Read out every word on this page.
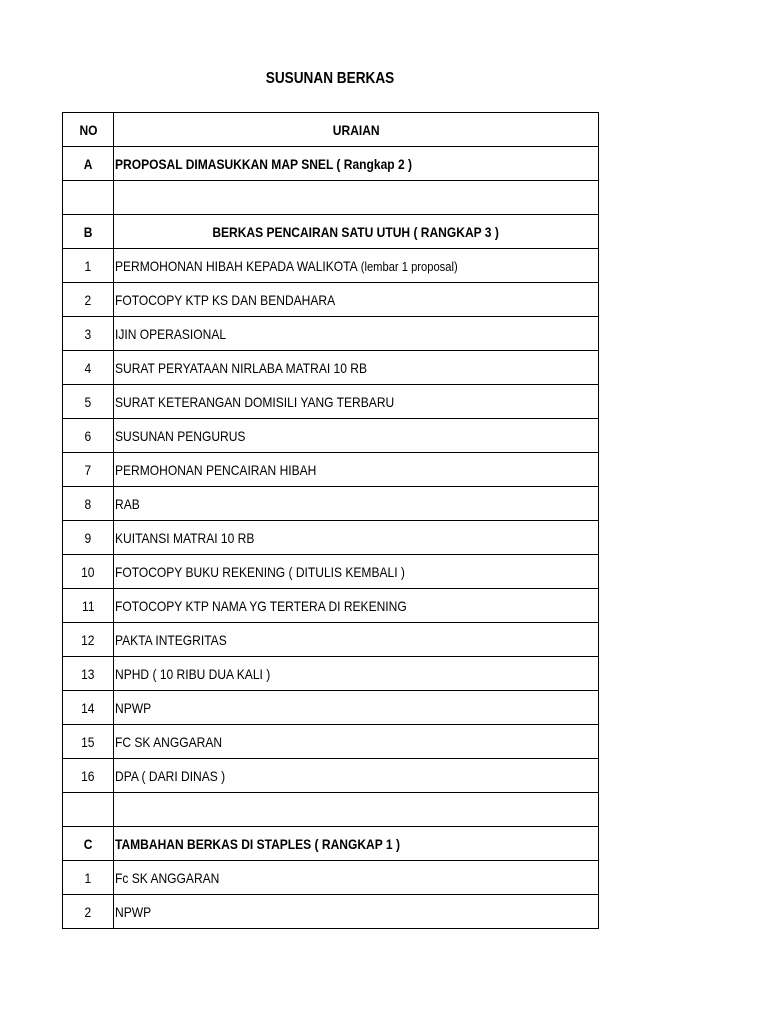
SUSUNAN BERKAS
NO	URAIAN
A	PROPOSAL DIMASUKKAN MAP SNEL ( Rangkap 2 )

B	BERKAS PENCAIRAN SATU UTUH ( RANGKAP 3 )
1	PERMOHONAN HIBAH KEPADA WALIKOTA (lembar 1 proposal)
2	FOTOCOPY KTP KS DAN BENDAHARA
3	IJIN OPERASIONAL
4	SURAT PERYATAAN NIRLABA MATRAI 10 RB
5	SURAT KETERANGAN DOMISILI YANG TERBARU
6	SUSUNAN PENGURUS
7	PERMOHONAN PENCAIRAN HIBAH
8	RAB
9	KUITANSI MATRAI 10 RB
10	FOTOCOPY BUKU REKENING ( DITULIS KEMBALI )
11	FOTOCOPY KTP NAMA YG TERTERA DI REKENING
12	PAKTA INTEGRITAS
13	NPHD ( 10 RIBU DUA KALI )
14	NPWP
15	FC SK ANGGARAN
16	DPA ( DARI DINAS )

C	TAMBAHAN BERKAS DI STAPLES ( RANGKAP 1 )
1	Fc SK ANGGARAN
2	NPWP
